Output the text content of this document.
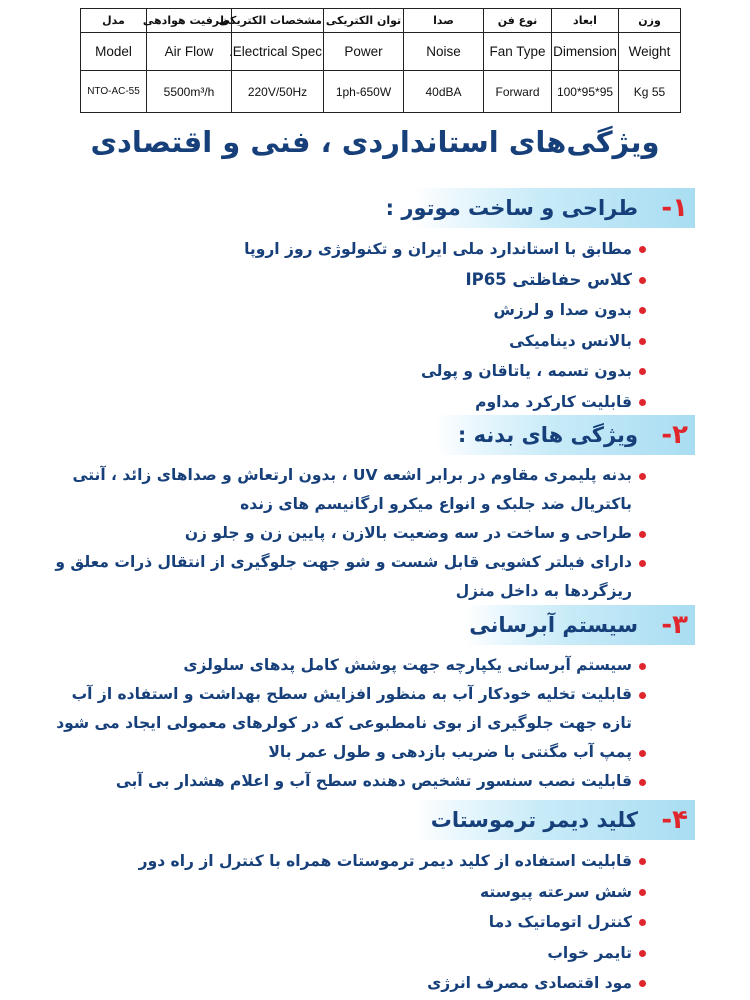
وزن	ابعاد	نوع فن	صدا	توان الکتریکی	مشخصات الکتریکی	ظرفیت هوادهی	مدل
Weight	Dimension	Fan Type	Noise	Power	Electrical Spec.	Air Flow	Model
55 Kg	95*95*100	Forward	40dBA	1ph-650W	220V/50Hz	5500m³/h	NTO-AC-55
ویژگی‌های استانداردی ، فنی و اقتصادی
۱-
طراحی و ساخت موتور :
مطابق با استاندارد ملی ایران و تکنولوژی روز اروپا
کلاس حفاظتی IP65
بدون صدا و لرزش
بالانس دینامیکی
بدون تسمه ، یاتاقان و پولی
قابلیت کارکرد مداوم
۲-
ویژگی های بدنه :
بدنه پلیمری مقاوم در برابر اشعه UV ، بدون ارتعاش و صداهای زائد ، آنتی باکتریال ضد جلبک و انواع میکرو ارگانیسم های زنده
طراحی و ساخت در سه وضعیت بالازن ، پایین زن و جلو زن
دارای فیلتر کشویی قابل شست و شو جهت جلوگیری از انتقال ذرات معلق و ریزگردها به داخل منزل
۳-
سیستم آبرسانی
سیستم آبرسانی یکپارچه جهت پوشش کامل پدهای سلولزی
قابلیت تخلیه خودکار آب به منظور افزایش سطح بهداشت و استفاده از آب تازه جهت جلوگیری از بوی نامطبوعی که در کولرهای معمولی ایجاد می شود
پمپ آب مگنتی با ضریب بازدهی و طول عمر بالا
قابلیت نصب سنسور تشخیص دهنده سطح آب و اعلام هشدار بی آبی
۴-
کلید دیمر ترموستات
قابلیت استفاده از کلید دیمر ترموستات همراه با کنترل از راه دور
شش سرعته پیوسته
کنترل اتوماتیک دما
تایمر خواب
مود اقتصادی مصرف انرژی
